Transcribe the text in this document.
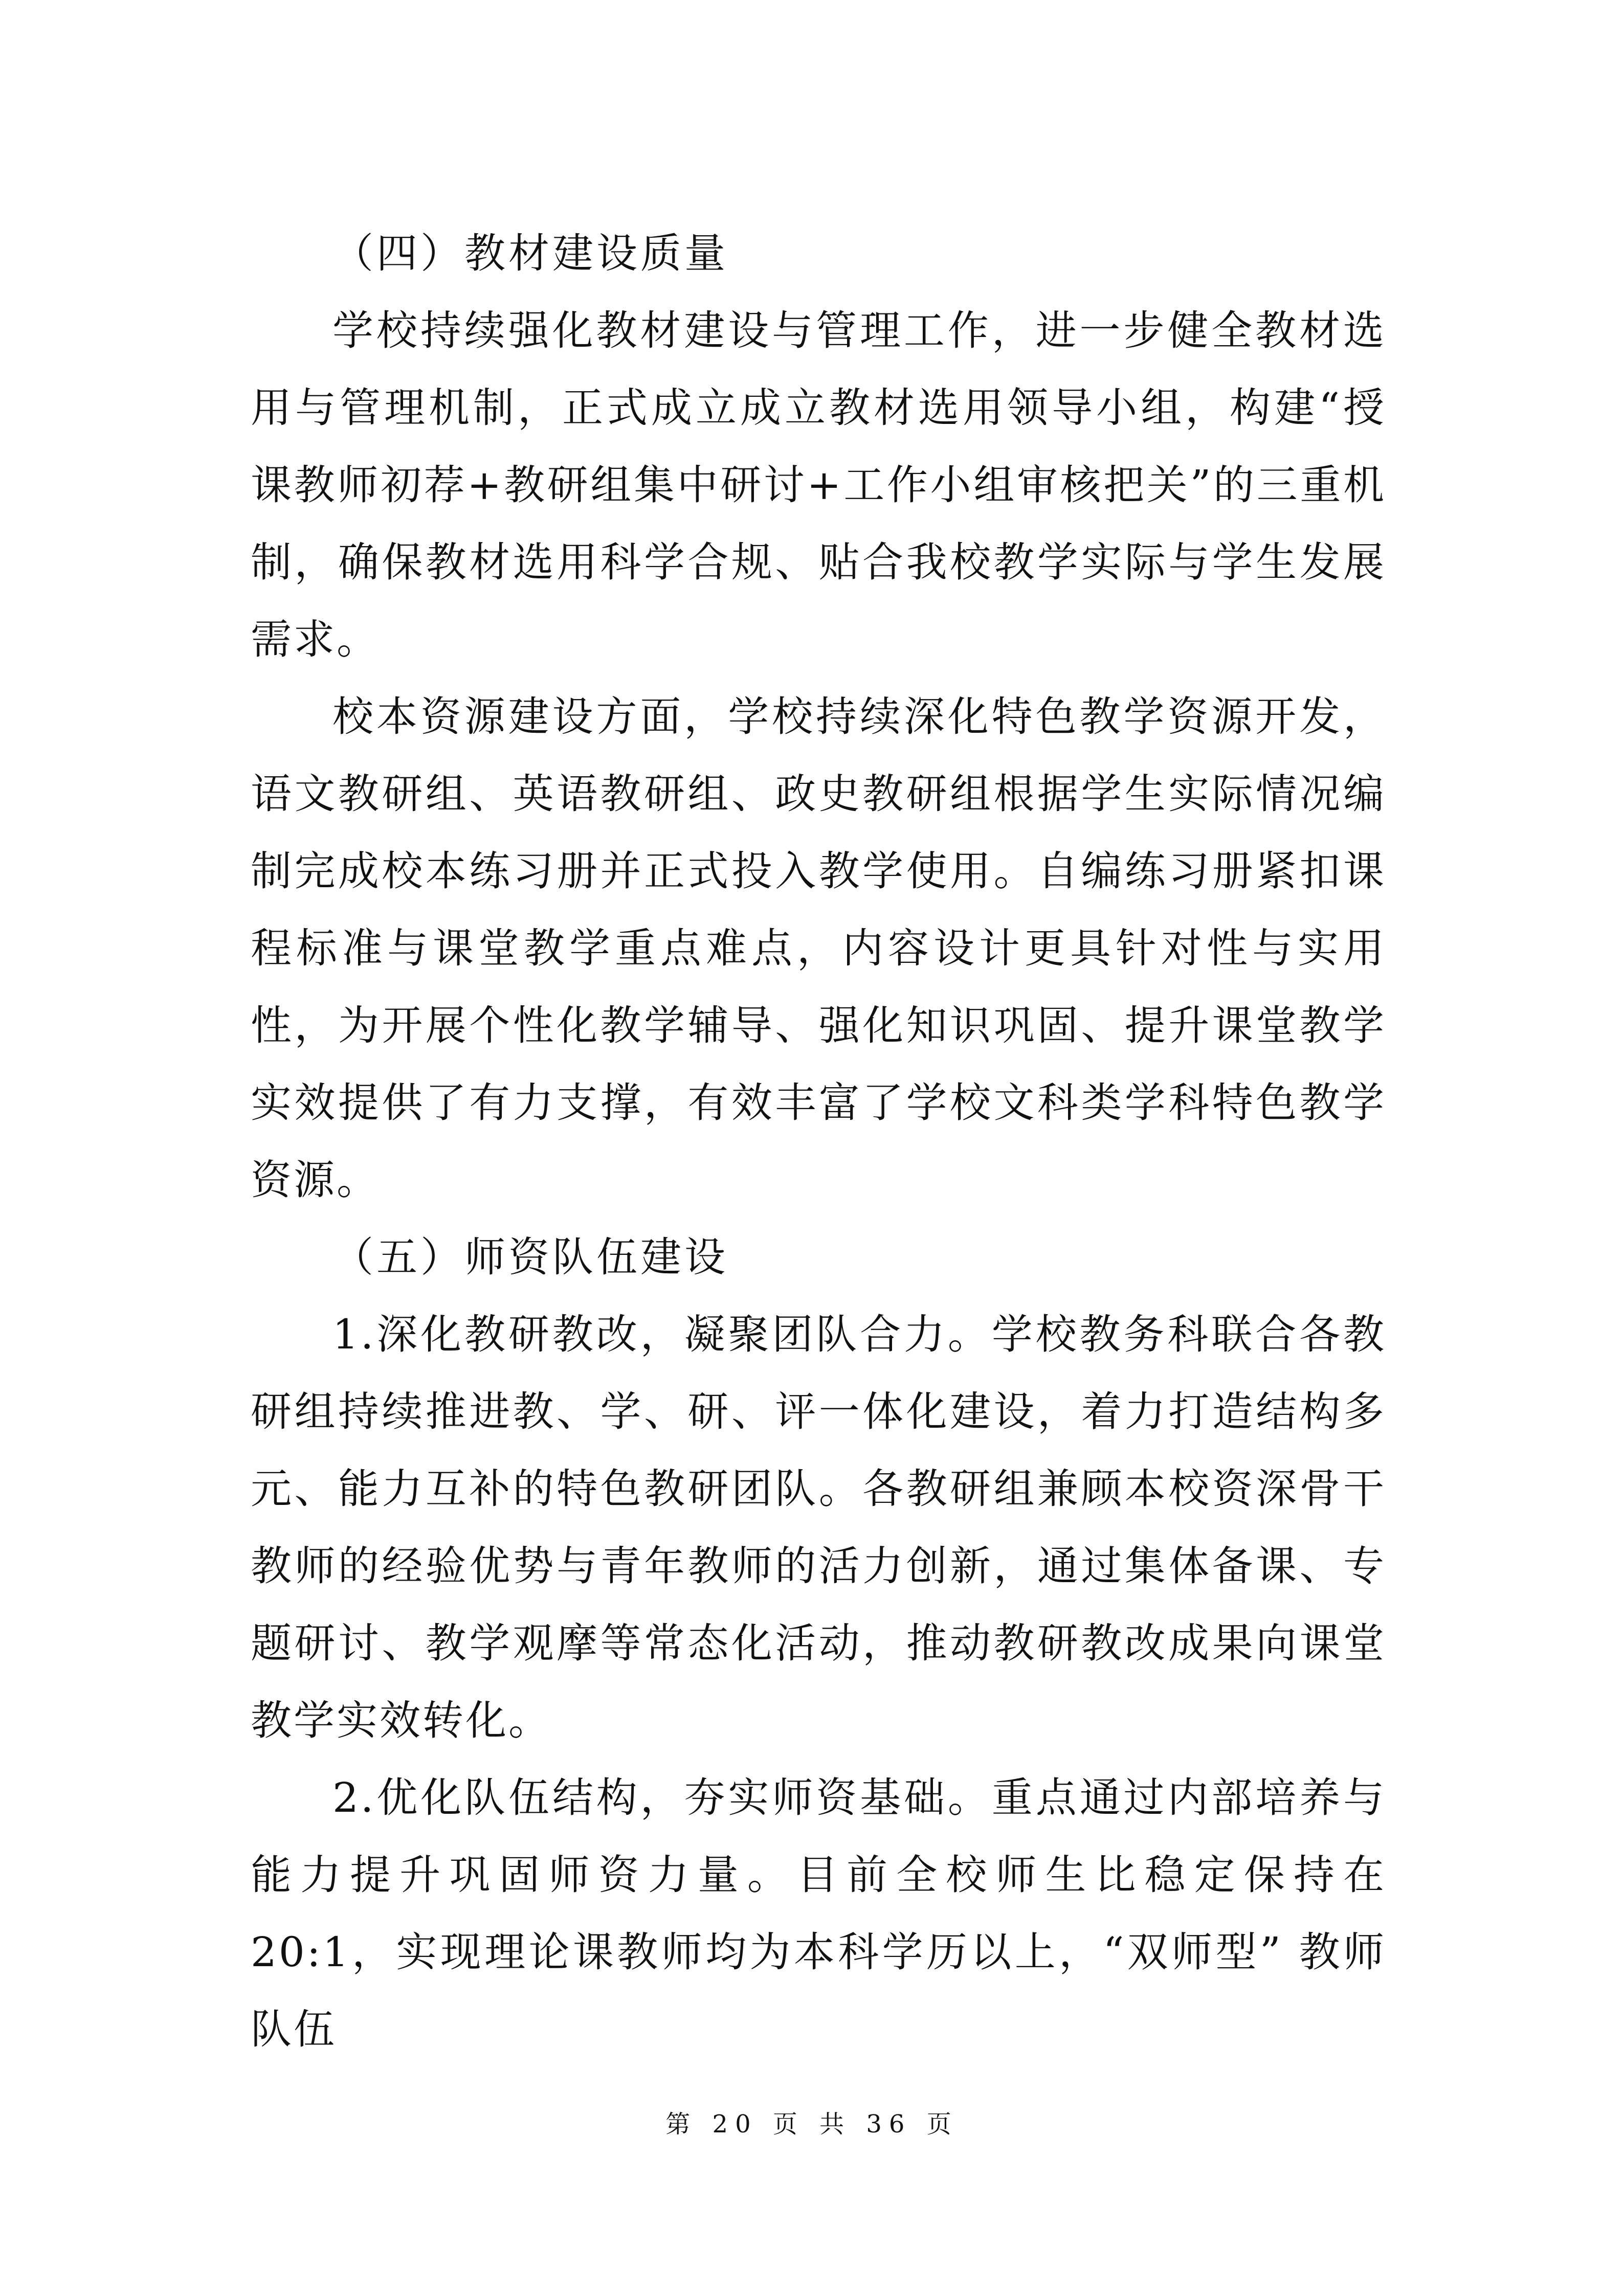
（四）教材建设质量

学校持续强化教材建设与管理工作，进一步健全教材选用与管理机制，正式成立成立教材选用领导小组，构建“授课教师初荐+教研组集中研讨+工作小组审核把关”的三重机制，确保教材选用科学合规、贴合我校教学实际与学生发展需求。

校本资源建设方面，学校持续深化特色教学资源开发，语文教研组、英语教研组、政史教研组根据学生实际情况编制完成校本练习册并正式投入教学使用。自编练习册紧扣课程标准与课堂教学重点难点，内容设计更具针对性与实用性，为开展个性化教学辅导、强化知识巩固、提升课堂教学实效提供了有力支撑，有效丰富了学校文科类学科特色教学资源。

（五）师资队伍建设

1.深化教研教改，凝聚团队合力。学校教务科联合各教研组持续推进教、学、研、评一体化建设，着力打造结构多元、能力互补的特色教研团队。各教研组兼顾本校资深骨干教师的经验优势与青年教师的活力创新，通过集体备课、专题研讨、教学观摩等常态化活动，推动教研教改成果向课堂教学实效转化。

2.优化队伍结构，夯实师资基础。重点通过内部培养与能力提升巩固师资力量。目前全校师生比稳定保持在 20:1，实现理论课教师均为本科学历以上，“双师型” 教师队伍

第 20 页 共 36 页
